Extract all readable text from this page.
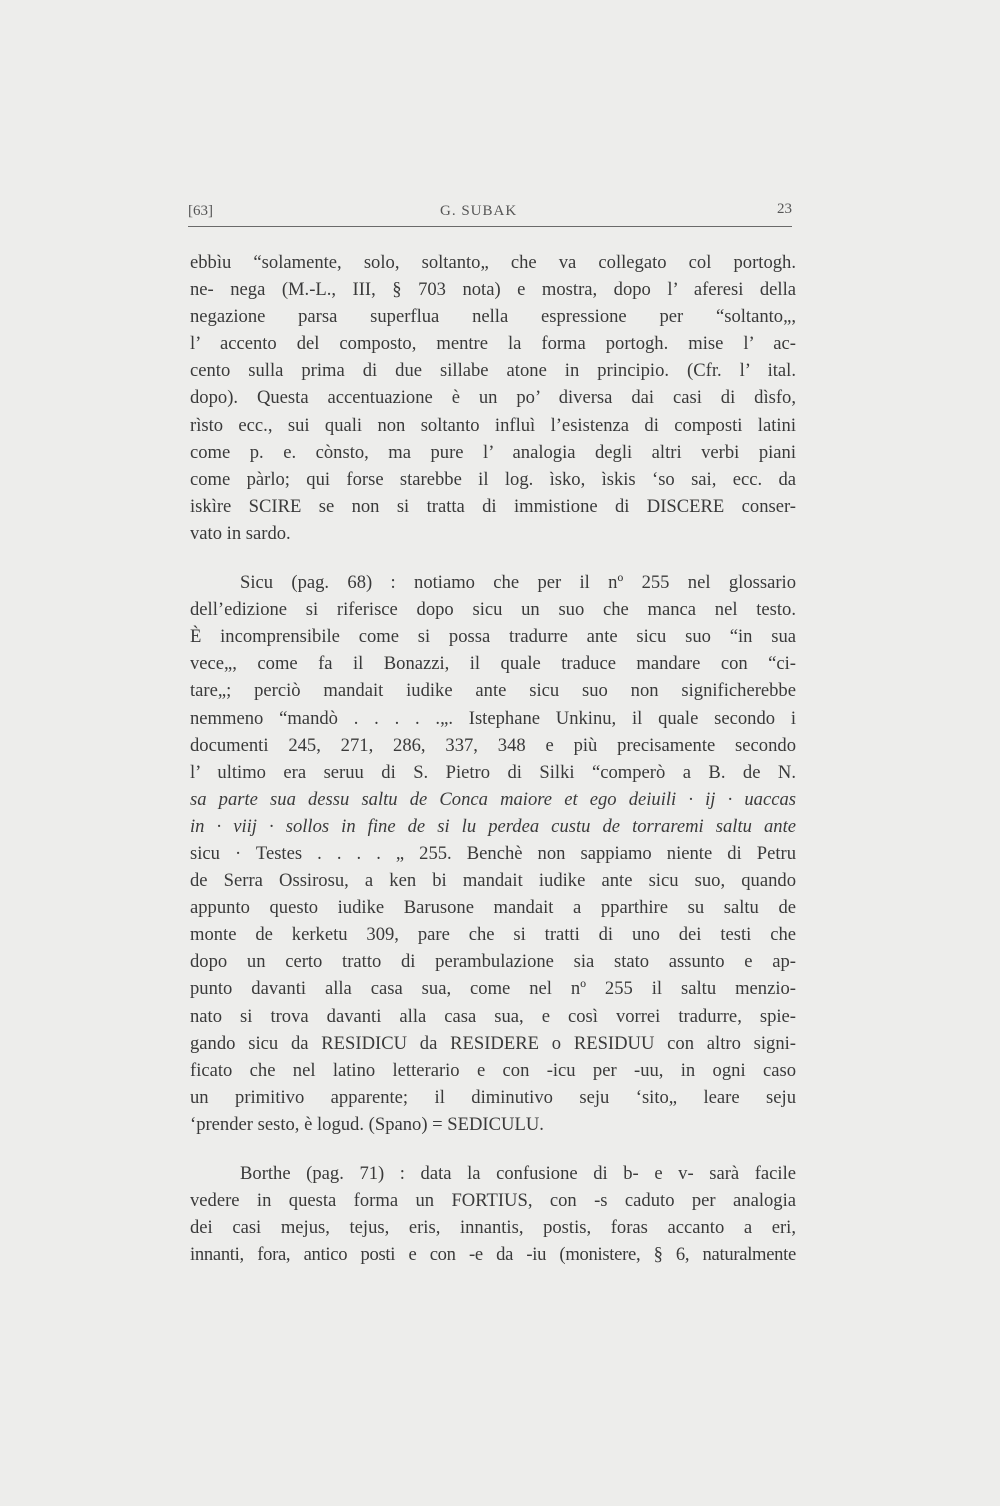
[63]	G. SUBAK	23
ebbìu “solamente, solo, soltanto„ che va collegato col portogh.
ne- nega (M.-L., III, § 703 nota) e mostra, dopo l’ aferesi della
negazione parsa superflua nella espressione per “soltanto„,
l’ accento del composto, mentre la forma portogh. mise l’ ac-
cento sulla prima di due sillabe atone in principio. (Cfr. l’ ital.
dopo). Questa accentuazione è un po’ diversa dai casi di dìsfo,
rìsto ecc., sui quali non soltanto influì l’esistenza di composti latini
come p. e. cònsto, ma pure l’ analogia degli altri verbi piani
come pàrlo; qui forse starebbe il log. ìsko, ìskis ‘so sai, ecc. da
iskìre SCIRE se non si tratta di immistione di DISCERE conser-
vato in sardo.
Sicu (pag. 68) : notiamo che per il nº 255 nel glossario
dell’edizione si riferisce dopo sicu un suo che manca nel testo.
È incomprensibile come si possa tradurre ante sicu suo “in sua
vece„, come fa il Bonazzi, il quale traduce mandare con “ci-
tare„; perciò mandait iudike ante sicu suo non significherebbe
nemmeno “mandò . . . . .„. Istephane Unkinu, il quale secondo i
documenti 245, 271, 286, 337, 348 e più precisamente secondo
l’ ultimo era seruu di S. Pietro di Silki “comperò a B. de N.
sa parte sua dessu saltu de Conca maiore et ego deiuili · ij · uaccas
in · viij · sollos in fine de si lu perdea custu de torraremi saltu ante
sicu · Testes . . . . „ 255. Benchè non sappiamo niente di Petru
de Serra Ossirosu, a ken bi mandait iudike ante sicu suo, quando
appunto questo iudike Barusone mandait a pparthire su saltu de
monte de kerketu 309, pare che si tratti di uno dei testi che
dopo un certo tratto di perambulazione sia stato assunto e ap-
punto davanti alla casa sua, come nel nº 255 il saltu menzio-
nato si trova davanti alla casa sua, e così vorrei tradurre, spie-
gando sicu da RESIDICU da RESIDERE o RESIDUU con altro signi-
ficato che nel latino letterario e con -icu per -uu, in ogni caso
un primitivo apparente; il diminutivo seju ‘sito„ leare seju
‘prender sesto, è logud. (Spano) = SEDICULU.
Borthe (pag. 71) : data la confusione di b- e v- sarà facile
vedere in questa forma un FORTIUS, con -s caduto per analogia
dei casi mejus, tejus, eris, innantis, postis, foras accanto a eri,
innanti, fora, antico posti e con -e da -iu (monistere, § 6, naturalmente
